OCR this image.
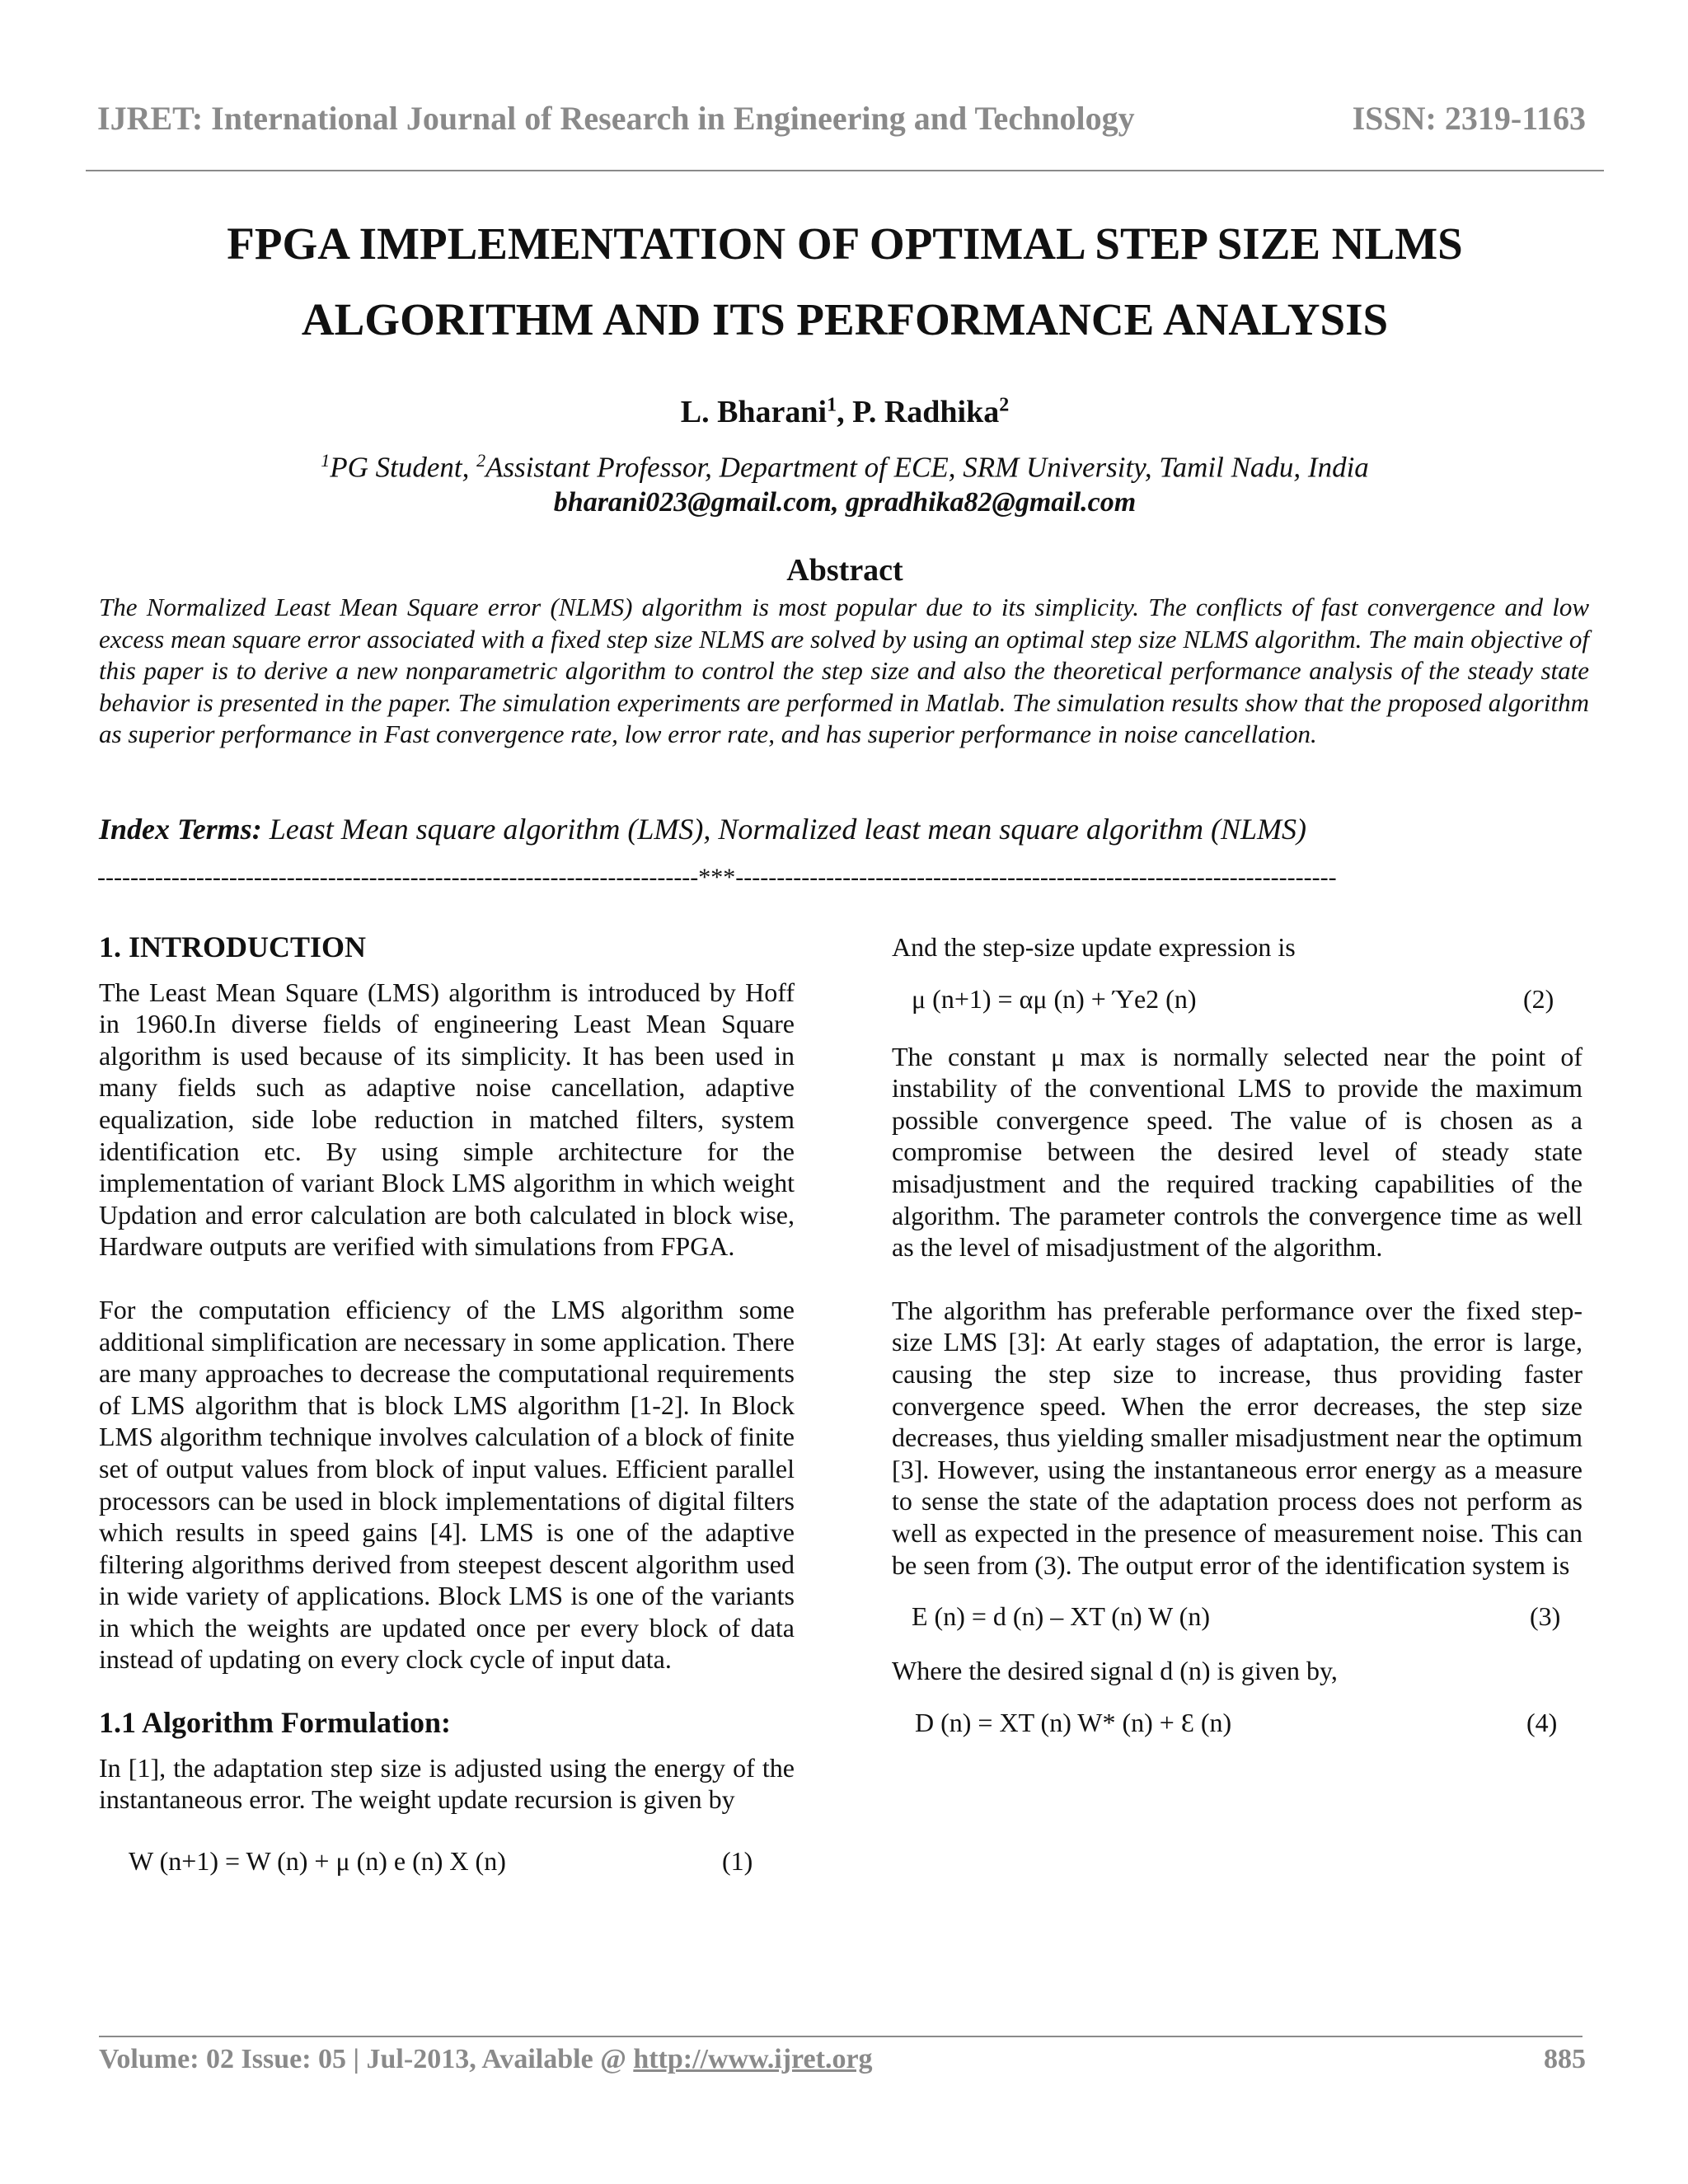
IJRET: International Journal of Research in Engineering and Technology	ISSN: 2319-1163
FPGA IMPLEMENTATION OF OPTIMAL STEP SIZE NLMS
ALGORITHM AND ITS PERFORMANCE ANALYSIS
L. Bharani$^1$, P. Radhika$^2$
$^1$PG Student, $^2$Assistant Professor, Department of ECE, SRM University, Tamil Nadu, India
bharani023@gmail.com, gpradhika82@gmail.com
Abstract

The Normalized Least Mean Square error (NLMS) algorithm is most popular due to its simplicity. The conflicts of fast convergence and low excess mean square error associated with a fixed step size NLMS are solved by using an optimal step size NLMS algorithm. The main objective of this paper is to derive a new nonparametric algorithm to control the step size and also the theoretical performance analysis of the steady state behavior is presented in the paper. The simulation experiments are performed in Matlab. The simulation results show that the proposed algorithm as superior performance in Fast convergence rate, low error rate, and has superior performance in noise cancellation.

Index Terms: Least Mean square algorithm (LMS), Normalized least mean square algorithm (NLMS)
-------------------------------------------------------------------------***-------------------------------------------------------------------------
1. INTRODUCTION

The Least Mean Square (LMS) algorithm is introduced by Hoff in 1960.In diverse fields of engineering Least Mean Square algorithm is used because of its simplicity. It has been used in many fields such as adaptive noise cancellation, adaptive equalization, side lobe reduction in matched filters, system identification etc. By using simple architecture for the implementation of variant Block LMS algorithm in which weight Updation and error calculation are both calculated in block wise, Hardware outputs are verified with simulations from FPGA.

For the computation efficiency of the LMS algorithm some additional simplification are necessary in some application. There are many approaches to decrease the computational requirements of LMS algorithm that is block LMS algorithm [1-2]. In Block LMS algorithm technique involves calculation of a block of finite set of output values from block of input values. Efficient parallel processors can be used in block implementations of digital filters which results in speed gains [4]. LMS is one of the adaptive filtering algorithms derived from steepest descent algorithm used in wide variety of applications. Block LMS is one of the variants in which the weights are updated once per every block of data instead of updating on every clock cycle of input data.

1.1 Algorithm Formulation:

In [1], the adaptation step size is adjusted using the energy of the instantaneous error. The weight update recursion is given by

W (n+1) = W (n) + μ (n) e (n) X (n)	(1)

And the step-size update expression is

μ (n+1) = αμ (n) + Ύe2 (n)	(2)

The constant μ max is normally selected near the point of instability of the conventional LMS to provide the maximum possible convergence speed. The value of is chosen as a compromise between the desired level of steady state misadjustment and the required tracking capabilities of the algorithm. The parameter controls the convergence time as well as the level of misadjustment of the algorithm.

The algorithm has preferable performance over the fixed step-size LMS [3]: At early stages of adaptation, the error is large, causing the step size to increase, thus providing faster convergence speed. When the error decreases, the step size decreases, thus yielding smaller misadjustment near the optimum [3]. However, using the instantaneous error energy as a measure to sense the state of the adaptation process does not perform as well as expected in the presence of measurement noise. This can be seen from (3). The output error of the identification system is

E (n) = d (n) – XT (n) W (n)	(3)

Where the desired signal d (n) is given by,

D (n) = XT (n) W* (n) + Ɛ (n)	(4)
Volume: 02 Issue: 05 | Jul-2013, Available @ http://www.ijret.org	885
